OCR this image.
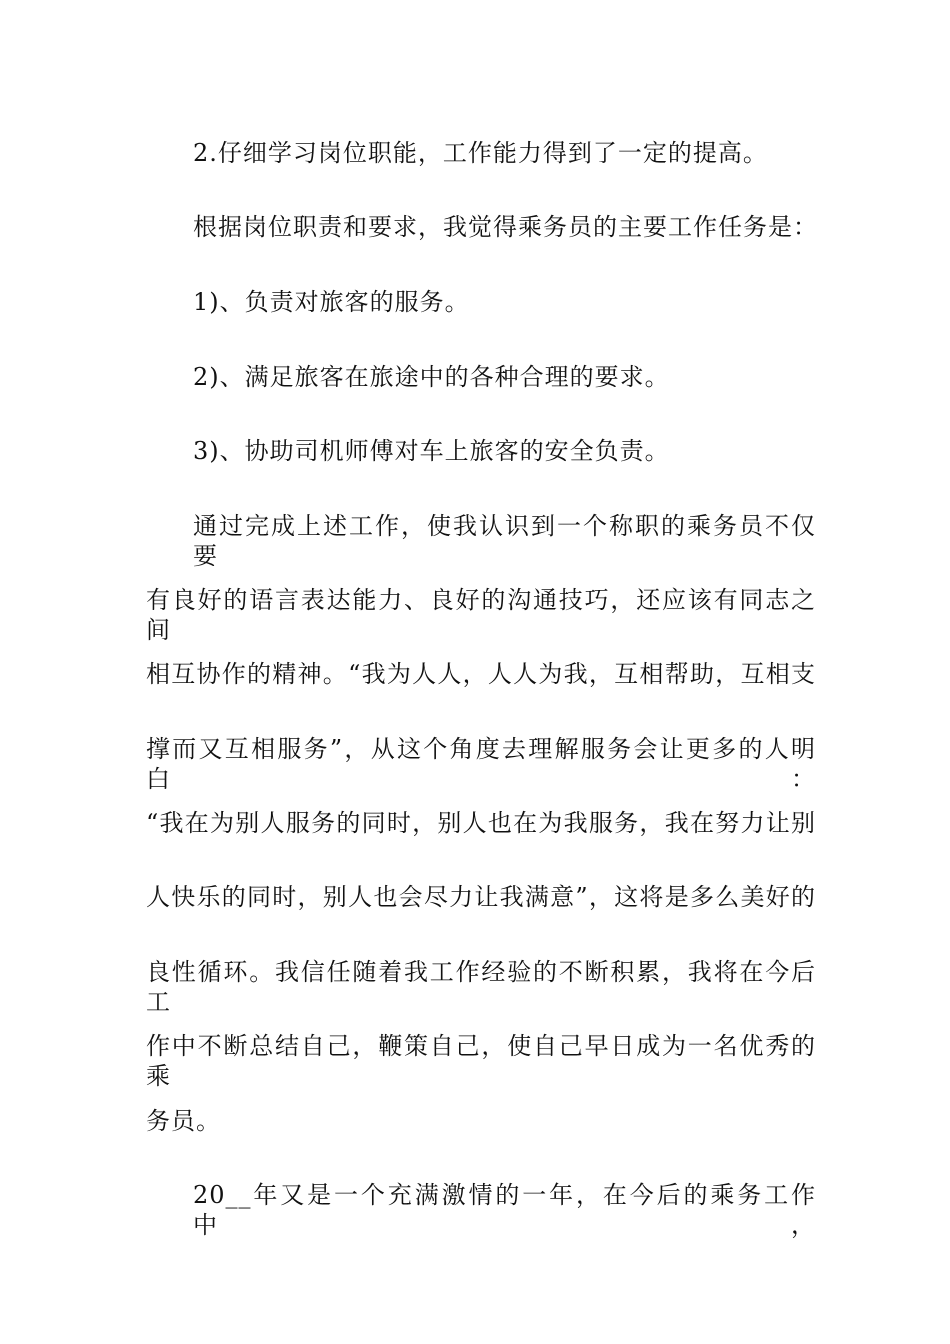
2.仔细学习岗位职能，工作能力得到了一定的提高。
根据岗位职责和要求，我觉得乘务员的主要工作任务是：
1)、负责对旅客的服务。
2)、满足旅客在旅途中的各种合理的要求。
3)、协助司机师傅对车上旅客的安全负责。
通过完成上述工作，使我认识到一个称职的乘务员不仅要
有良好的语言表达能力、良好的沟通技巧，还应该有同志之间
相互协作的精神。“我为人人，人人为我，互相帮助，互相支
撑而又互相服务”，从这个角度去理解服务会让更多的人明白：
“我在为别人服务的同时，别人也在为我服务，我在努力让别
人快乐的同时，别人也会尽力让我满意”，这将是多么美好的
良性循环。我信任随着我工作经验的不断积累，我将在今后工
作中不断总结自己，鞭策自己，使自己早日成为一名优秀的乘
务员。
20__年又是一个充满激情的一年，在今后的乘务工作中，
